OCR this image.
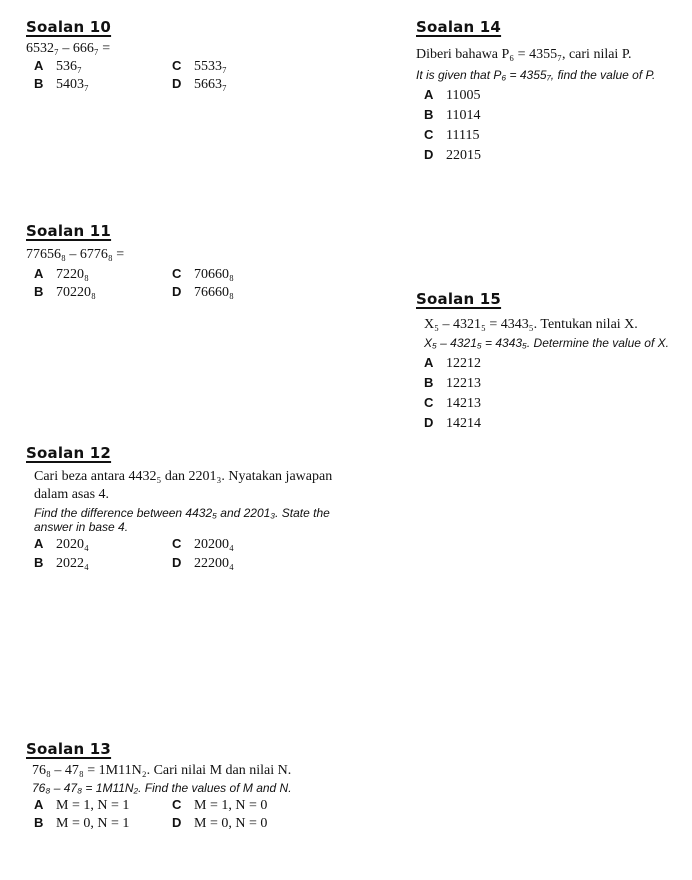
Soalan 10
6532₇ – 666₇ =
A 536₇
B 5403₇
C 5533₇
D 5663₇
Soalan 14
Diberi bahawa P₆ = 4355₇, cari nilai P.
It is given that P₆ = 4355₇, find the value of P.
A 11005
B 11014
C 11115
D 22015
Soalan 11
77656₈ – 6776₈ =
A 7220₈
B 70220₈
C 70660₈
D 76660₈	Soalan 15
X₅ – 4321₅ = 4343₅. Tentukan nilai X.
X₅ – 4321₅ = 4343₅. Determine the value of X.
A 12212
B 12213
C 14213
D 14214
Soalan 12
Cari beza antara 4432₅ dan 2201₃. Nyatakan jawapan dalam asas 4.
Find the difference between 4432₅ and 2201₃. State the answer in base 4.
A 2020₄
B 2022₄
C 20200₄
D 22200₄
Soalan 13
76₈ – 47₈ = 1M11N₂. Cari nilai M dan nilai N.
76₈ – 47₈ = 1M11N₂. Find the values of M and N.
A M = 1, N = 1
B M = 0, N = 1
C M = 1, N = 0
D M = 0, N = 0
